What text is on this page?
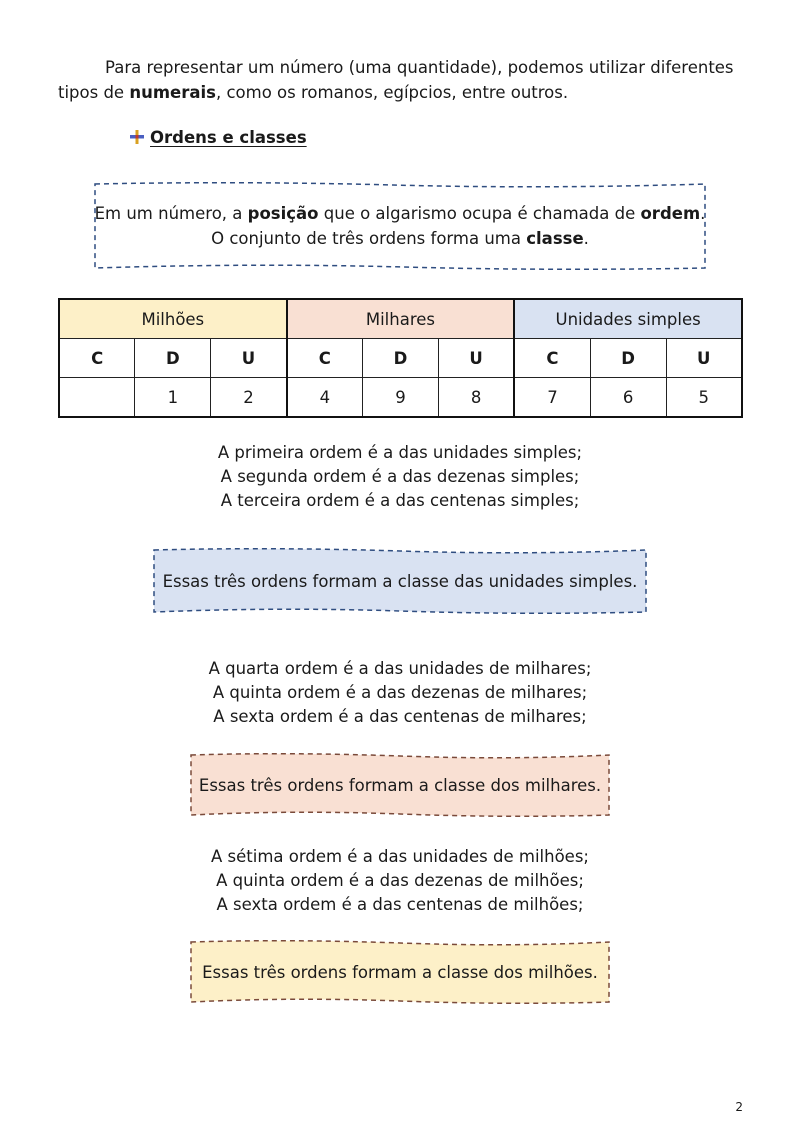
Para representar um número (uma quantidade), podemos utilizar diferentes tipos de numerais, como os romanos, egípcios, entre outros.

Ordens e classes
Em um número, a posição que o algarismo ocupa é chamada de ordem.
O conjunto de três ordens forma uma classe.
Milhões			Milhares			Unidades simples		
C	D	U	C	D	U	C	D	U
	1	2	4	9	8	7	6	5
A primeira ordem é a das unidades simples;
A segunda ordem é a das dezenas simples;
A terceira ordem é a das centenas simples;
Essas três ordens formam a classe das unidades simples.
A quarta ordem é a das unidades de milhares;
A quinta ordem é a das dezenas de milhares;
A sexta ordem é a das centenas de milhares;
Essas três ordens formam a classe dos milhares.
A sétima ordem é a das unidades de milhões;
A quinta ordem é a das dezenas de milhões;
A sexta ordem é a das centenas de milhões;
Essas três ordens formam a classe dos milhões.
2
